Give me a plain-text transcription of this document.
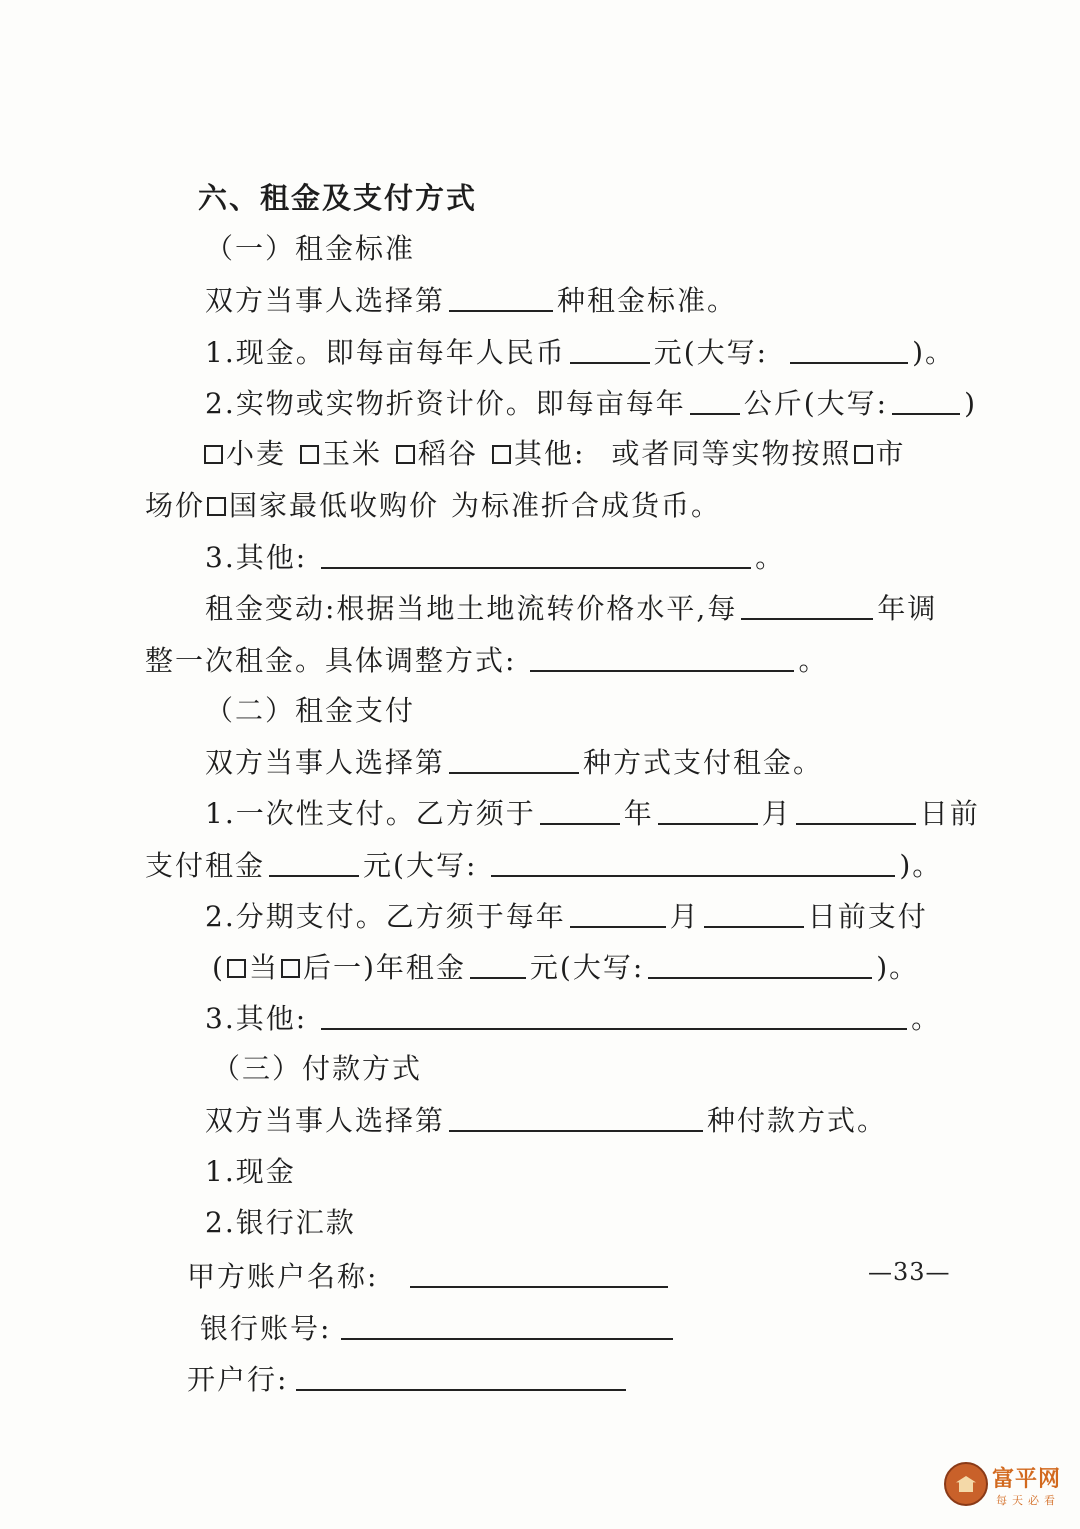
六、租金及支付方式
（一）租金标准
双方当事人选择第	种租金标准。
1.现金。即每亩每年人民币	元(大写:	)。
2.实物或实物折资计价。即每亩每年 公斤(大写:	)
小麦 玉米 稻谷 其他: 或者同等实物按照 市
场价 国家最低收购价 为标准折合成货币。
3.其他:	。
租金变动:根据当地土地流转价格水平,每	年调
整一次租金。具体调整方式:	。
（二）租金支付
双方当事人选择第	种方式支付租金。
1.一次性支付。乙方须于	年	月	日前
支付租金	元(大写:	)。
2.分期支付。乙方须于每年	月	日前支付
( 当 后一)年租金 元(大写:	)。
3.其他:	。
（三）付款方式
双方当事人选择第	种付款方式。
1.现金
2.银行汇款
甲方账户名称:
银行账号:
开户行:
—33—
富平网
每天必看
